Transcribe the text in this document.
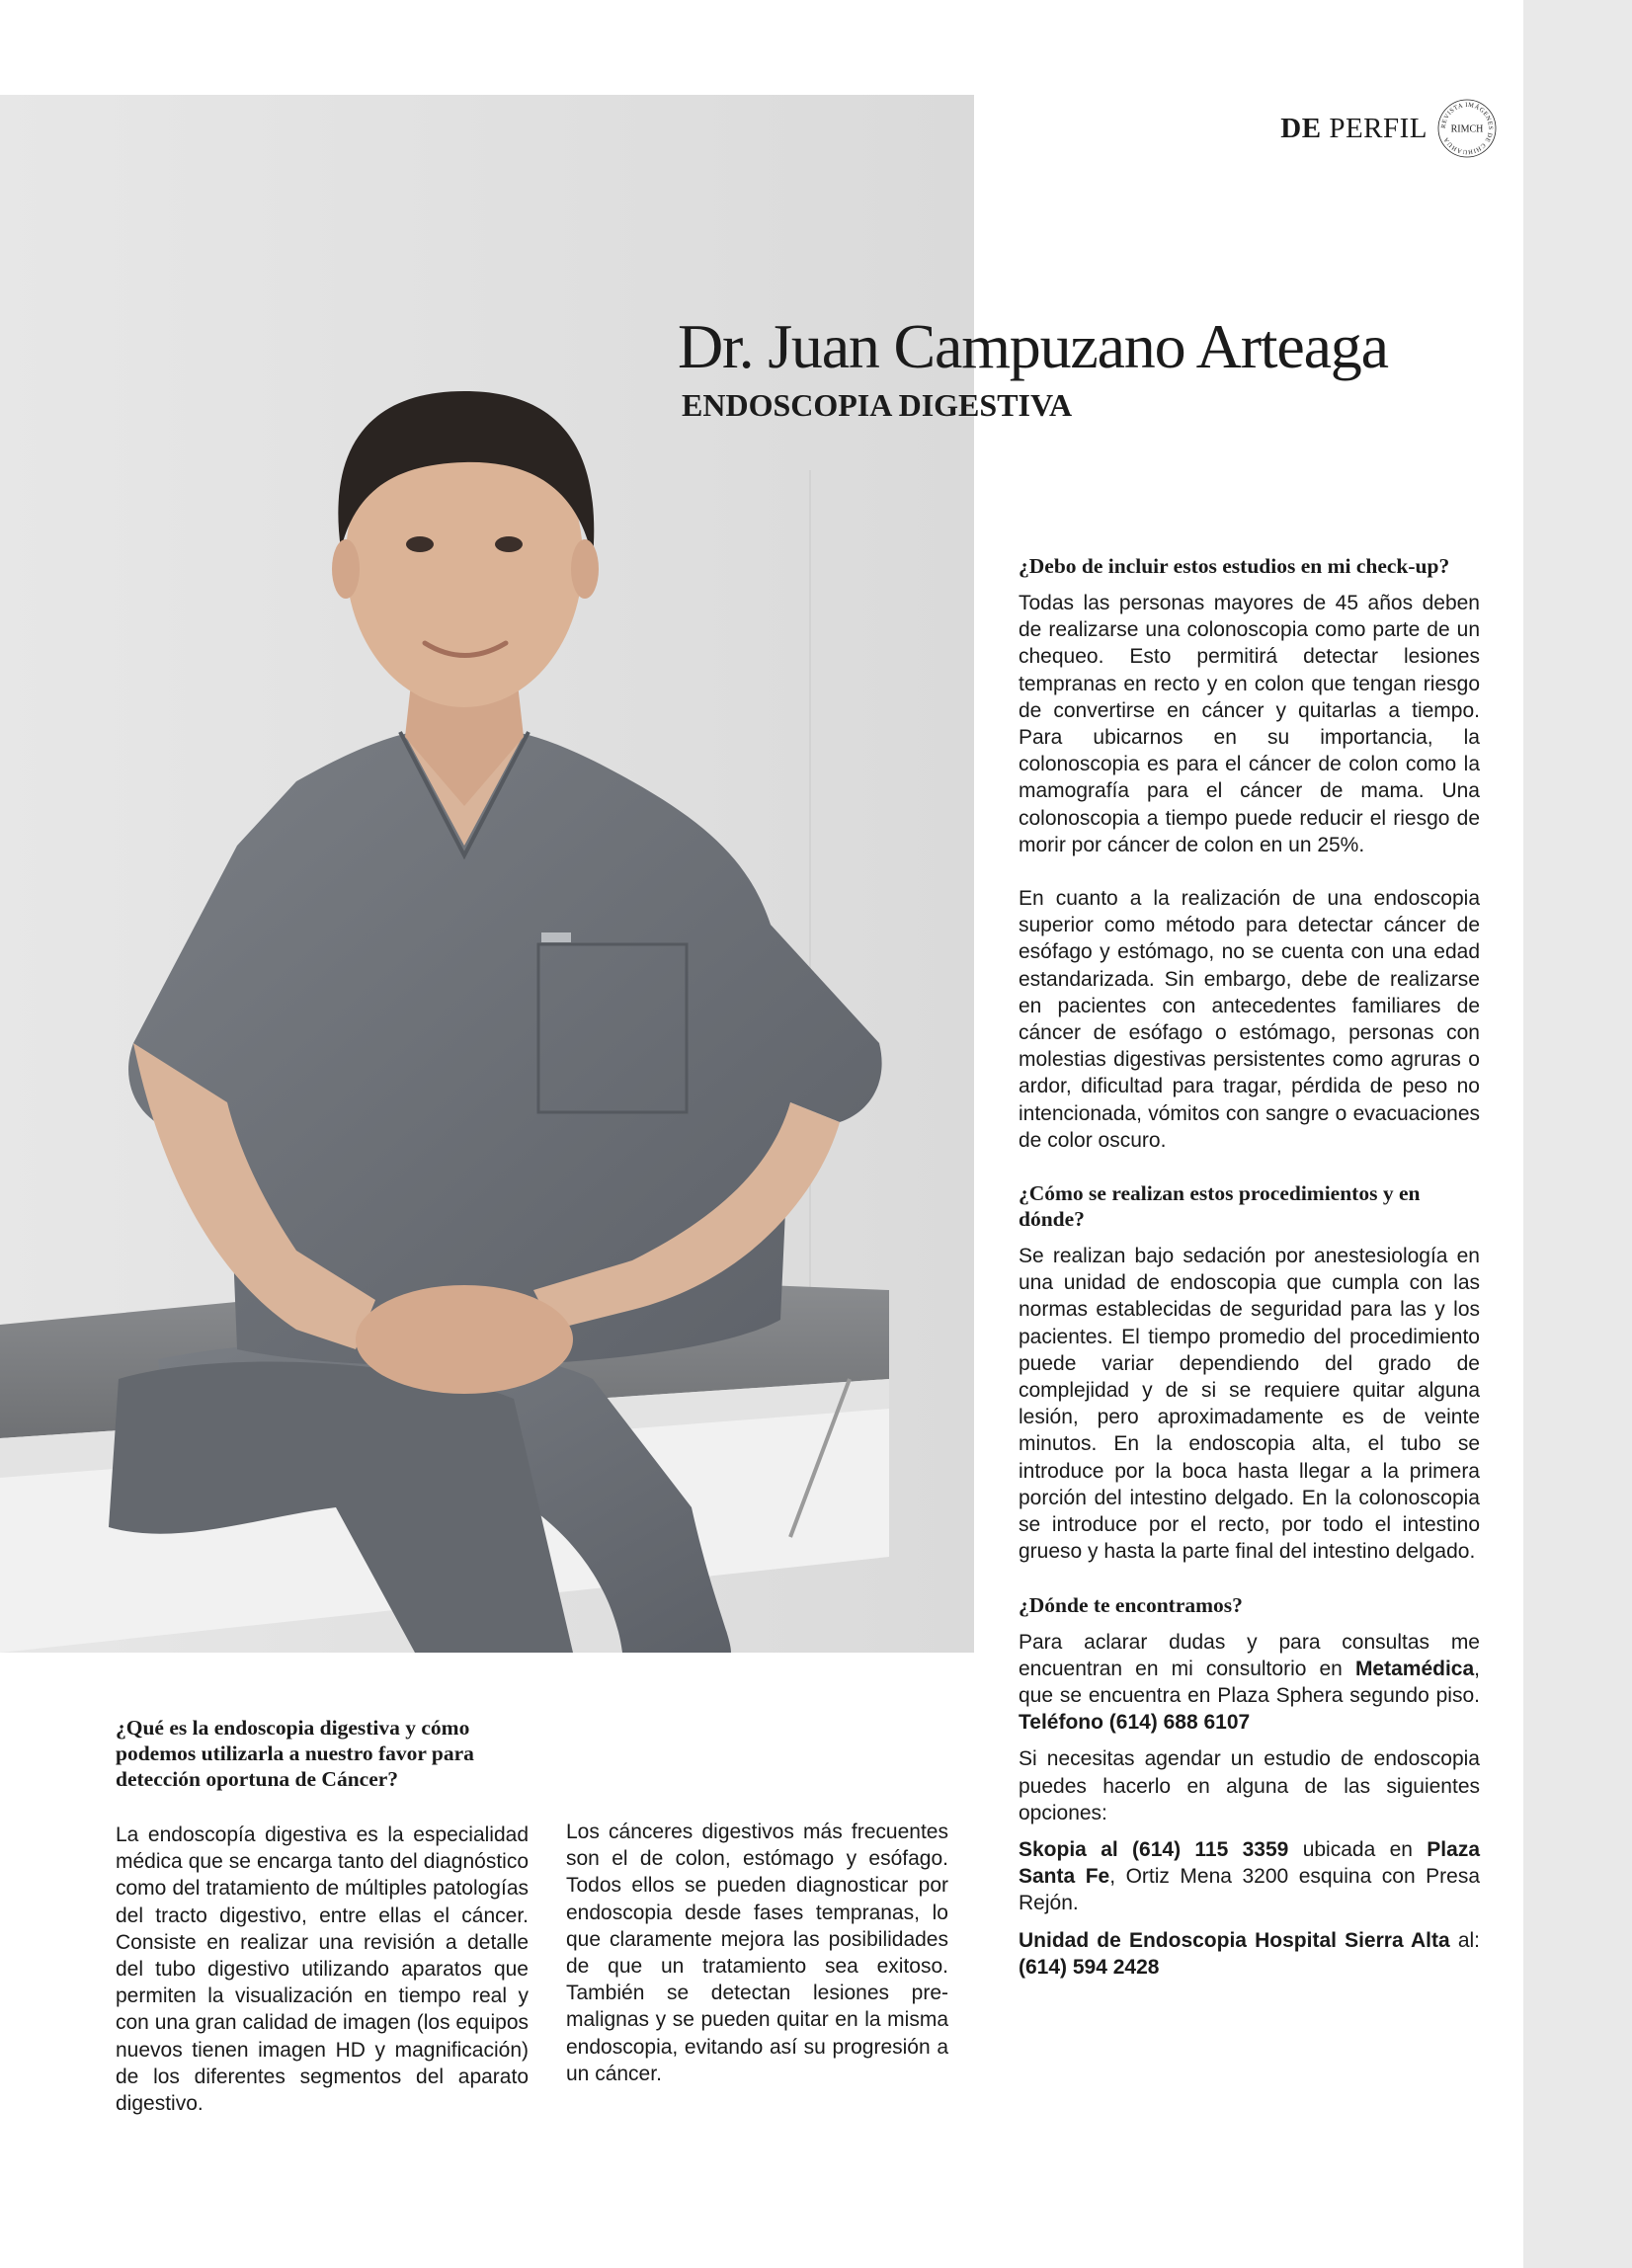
DE PERFIL REVISTA IMÁGENES DE CHIHUAHUA
RIMCH
Dr. Juan Campuzano Arteaga
ENDOSCOPIA DIGESTIVA
¿Debo de incluir estos estudios en mi check-up?

Todas las personas mayores de 45 años deben de realizarse una colonoscopia como parte de un chequeo. Esto permitirá detectar lesiones tempranas en recto y en colon que tengan riesgo de convertirse en cáncer y quitarlas a tiempo. Para ubicarnos en su importancia, la colonoscopia es para el cáncer de colon como la mamografía para el cáncer de mama. Una colonoscopia a tiempo puede reducir el riesgo de morir por cáncer de colon en un 25%.

En cuanto a la realización de una endoscopia superior como método para detectar cáncer de esófago y estómago, no se cuenta con una edad estandarizada. Sin embargo, debe de realizarse en pacientes con antecedentes familiares de cáncer de esófago o estómago, personas con molestias digestivas persistentes como agruras o ardor, dificultad para tragar, pérdida de peso no intencionada, vómitos con sangre o evacuaciones de color oscuro.

¿Cómo se realizan estos procedimientos y en dónde?

Se realizan bajo sedación por anestesiología en una unidad de endoscopia que cumpla con las normas establecidas de seguridad para las y los pacientes. El tiempo promedio del procedimiento puede variar dependiendo del grado de complejidad y de si se requiere quitar alguna lesión, pero aproximadamente es de veinte minutos. En la endoscopia alta, el tubo se introduce por la boca hasta llegar a la primera porción del intestino delgado. En la colonoscopia se introduce por el recto, por todo el intestino grueso y hasta la parte final del intestino delgado.

¿Dónde te encontramos?

Para aclarar dudas y para consultas me encuentran en mi consultorio en Metamédica, que se encuentra en Plaza Sphera segundo piso. Teléfono (614) 688 6107

Si necesitas agendar un estudio de endoscopia puedes hacerlo en alguna de las siguientes opciones:

Skopia al (614) 115 3359 ubicada en Plaza Santa Fe, Ortiz Mena 3200 esquina con Presa Rejón.

Unidad de Endoscopia Hospital Sierra Alta al: (614) 594 2428

¿Qué es la endoscopia digestiva y cómo podemos utilizarla a nuestro favor para detección oportuna de Cáncer?

La endoscopía digestiva es la especialidad médica que se encarga tanto del diagnóstico como del tratamiento de múltiples patologías del tracto digestivo, entre ellas el cáncer. Consiste en realizar una revisión a detalle del tubo digestivo utilizando aparatos que permiten la visualización en tiempo real y con una gran calidad de imagen (los equipos nuevos tienen imagen HD y magnificación) de los diferentes segmentos del aparato digestivo.

Los cánceres digestivos más frecuentes son el de colon, estómago y esófago. Todos ellos se pueden diagnosticar por endoscopia desde fases tempranas, lo que claramente mejora las posibilidades de que un tratamiento sea exitoso. También se detectan lesiones pre-malignas y se pueden quitar en la misma endoscopia, evitando así su progresión a un cáncer.
